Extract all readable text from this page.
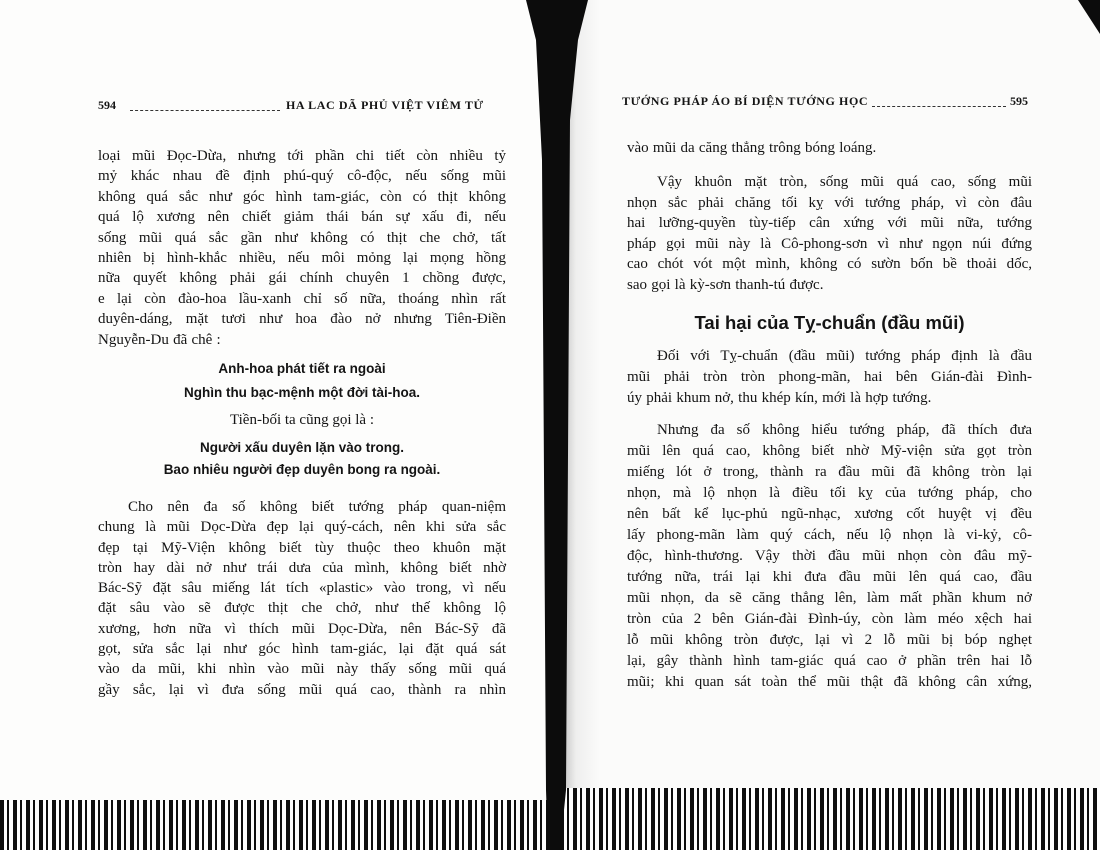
594	HA LAC DÃ PHỦ VIỆT VIÊM TỬ
loại mũi Đọc-Dừa, nhưng tới phần chi tiết còn nhiều tỷ
mỷ khác nhau đề định phú-quý cô-độc, nếu sống mũi
không quá sắc như góc hình tam-giác, còn có thịt không
quá lộ xương nên chiết giảm thái bán sự xấu đi, nếu
sống mũi quá sắc gần như không có thịt che chở, tất
nhiên bị hình-khắc nhiều, nếu môi mỏng lại mọng hồng
nữa quyết không phải gái chính chuyên 1 chồng được,
e lại còn đào-hoa lầu-xanh chỉ số nữa, thoáng nhìn rất
duyên-dáng, mặt tươi như hoa đào nở nhưng Tiên-Điền
Nguyễn-Du đã chê :
Anh-hoa phát tiết ra ngoài
Nghìn thu bạc-mệnh một đời tài-hoa.
Tiền-bối ta cũng gọi là :
Người xấu duyên lặn vào trong.
Bao nhiêu người đẹp duyên bong ra ngoài.
Cho nên đa số không biết tướng pháp quan-niệm
chung là mũi Dọc-Dừa đẹp lại quý-cách, nên khi sửa sắc
đẹp tại Mỹ-Viện không biết tùy thuộc theo khuôn mặt
tròn hay dài nở như trái dưa của mình, không biết nhờ
Bác-Sỹ đặt sâu miếng lát tích «plastic» vào trong, vì nếu
đặt sâu vào sẽ được thịt che chở, như thế không lộ
xương, hơn nữa vì thích mũi Dọc-Dừa, nên Bác-Sỹ đã
gọt, sửa sắc lại như góc hình tam-giác, lại đặt quá sát
vào da mũi, khi nhìn vào mũi này thấy sống mũi quá
gầy sắc, lại vì đưa sống mũi quá cao, thành ra nhìn
TƯỚNG PHÁP ÁO BÍ DIỆN TƯỚNG HỌC	595
vào mũi da căng thẳng trông bóng loáng.
Vậy khuôn mặt tròn, sống mũi quá cao, sống mũi
nhọn sắc phải chăng tối kỵ với tướng pháp, vì còn đâu
hai lưỡng-quyền tùy-tiếp cân xứng với mũi nữa, tướng
pháp gọi mũi này là Cô-phong-sơn vì như ngọn núi đứng
cao chót vót một mình, không có sườn bốn bề thoải dốc,
sao gọi là kỳ-sơn thanh-tú được.
Tai hại của Tỵ-chuẩn (đầu mũi)
Đối với Tỵ-chuẩn (đầu mũi) tướng pháp định là đầu
mũi phải tròn tròn phong-mãn, hai bên Gián-đài Đình-
úy phải khum nở, thu khép kín, mới là hợp tướng.
Nhưng đa số không hiểu tướng pháp, đã thích đưa
mũi lên quá cao, không biết nhờ Mỹ-viện sửa gọt tròn
miếng lót ở trong, thành ra đầu mũi đã không tròn lại
nhọn, mà lộ nhọn là điều tối kỵ của tướng pháp, cho
nên bất kể lục-phủ ngũ-nhạc, xương cốt huyệt vị đều
lấy phong-mãn làm quý cách, nếu lộ nhọn là vi-kỷ, cô-
độc, hình-thương. Vậy thời đầu mũi nhọn còn đâu mỹ-
tướng nữa, trái lại khi đưa đầu mũi lên quá cao, đầu
mũi nhọn, da sẽ căng thẳng lên, làm mất phần khum nở
tròn của 2 bên Gián-đài Đình-úy, còn làm méo xệch hai
lỗ mũi không tròn được, lại vì 2 lỗ mũi bị bóp nghẹt
lại, gây thành hình tam-giác quá cao ở phần trên hai lỗ
mũi; khi quan sát toàn thể mũi thật đã không cân xứng,
